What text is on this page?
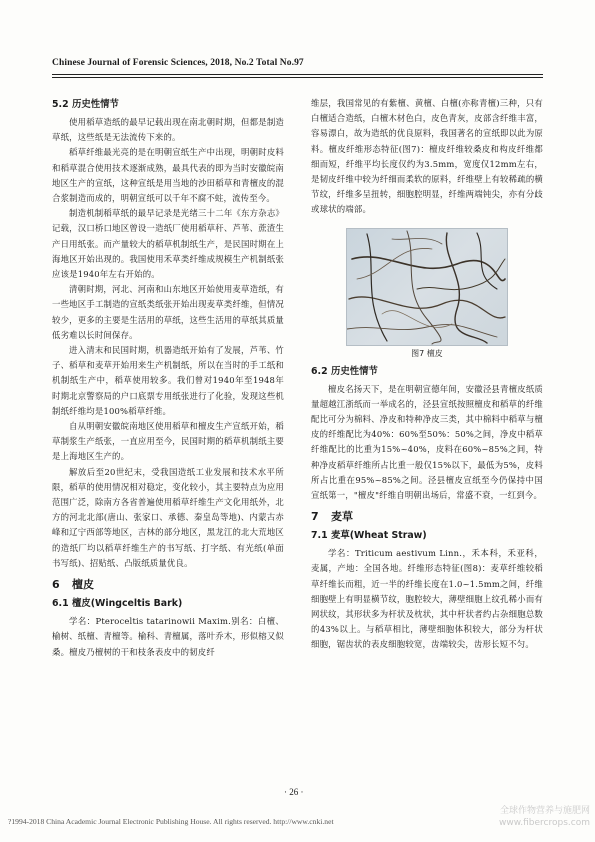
Chinese Journal of Forensic Sciences, 2018, No.2 Total No.97
5.2 历史性情节

使用稻草造纸的最早记载出现在南北朝时期，但都是制造草纸，这些纸是无法流传下来的。

稻草纤维最光亮的是在明朝宣纸生产中出现，明朝时皮料和稻草混合使用技术逐渐成熟，最具代表的即为当时安徽皖南地区生产的宣纸，这种宣纸是用当地的沙田稻草和青檀皮的混合浆制造而成的，明朝宣纸可以千年不腐不蛀，流传至今。

制造机制稻草纸的最早记录是光绪三十二年《东方杂志》记载，汉口桥口地区曾设一造纸厂使用稻草秆、芦苇、蔗渣生产日用纸张。而产量较大的稻草机制纸生产，是民国时期在上海地区开始出现的。我国使用禾草类纤维成规模生产机制纸张应该是1940年左右开始的。

清朝时期，河北、河南和山东地区开始使用麦草造纸，有一些地区手工制造的宣纸类纸张开始出现麦草类纤维，但情况较少，更多的主要是生活用的草纸，这些生活用的草纸其质量低劣难以长时间保存。

进入清末和民国时期，机器造纸开始有了发展，芦苇、竹子、稻草和麦草开始用来生产机制纸，所以在当时的手工纸和机制纸生产中，稻草使用较多。我们曾对1940年至1948年时期北京警察局的户口底票专用纸张进行了化验，发现这些机制纸纤维均是100%稻草纤维。

自从明朝安徽皖南地区使用稻草和檀皮生产宣纸开始，稻草制浆生产纸张，一直应用至今，民国时期的稻草机制纸主要是上海地区生产的。

解放后至20世纪末，受我国造纸工业发展和技术水平所限，稻草的使用情况相对稳定，变化较小，其主要特点为应用范围广泛，除南方各省普遍使用稻草纤维生产文化用纸外，北方的河北北部(唐山、张家口、承德、秦皇岛等地)、内蒙古赤峰和辽宁西部等地区，吉林的部分地区，黑龙江的北大荒地区的造纸厂均以稻草纤维生产的书写纸、打字纸、有光纸(单面书写纸)、招贴纸、凸版纸质量优良。

6 檀皮
6.1 檀皮(Wingceltis Bark)

学名：Pteroceltis tatarinowii Maxim.别名：白檀、榆树、纸檀、青檀等。榆科、青檀属，落叶乔木，形似榕又似桑。檀皮乃檀树的干和枝条表皮中的韧皮纤

维层，我国常见的有紫檀、黄檀、白檀(亦称青檀)三种，只有白檀适合造纸，白檀木材色白，皮色青灰，皮部含纤维丰富，容易漂白，故为造纸的优良原料，我国著名的宣纸即以此为原料。檀皮纤维形态特征(图7)：檀皮纤维较桑皮和构皮纤维都细而短，纤维平均长度仅约为3.5mm，宽度仅12mm左右，是韧皮纤维中较为纤细而柔软的原料，纤维壁上有较稀疏的横节纹，纤维多呈扭转，细胞腔明显，纤维两端钝尖，亦有分歧或球状的端部。

图7 檀皮
6.2 历史性情节

檀皮名扬天下，是在明朝宣德年间，安徽泾县青檀皮纸质量超越江浙纸而一举成名的，泾县宣纸按照檀皮和稻草的纤维配比可分为棉料、净皮和特种净皮三类，其中棉料中稻草与檀皮的纤维配比为40%：60%至50%：50%之间，净皮中稻草纤维配比的比重为15%~40%，皮料在60%~85%之间，特种净皮稻草纤维所占比重一般仅15%以下，最低为5%，皮料所占比重在95%~85%之间。泾县檀皮宣纸至今仍保持中国宣纸第一，"檀皮"纤维自明朝出场后，常盛不衰，一红到今。

7 麦草
7.1 麦草(Wheat Straw)

学名：Triticum aestivum Linn.，禾本科，禾亚科，麦属，产地：全国各地。纤维形态特征(图8)：麦草纤维较稻草纤维长而粗，近一半的纤维长度在1.0~1.5mm之间，纤维细胞壁上有明显横节纹，胞腔较大，薄壁细胞上纹孔稀小而有网状纹，其形状多为杆状及枕状，其中杆状者约占杂细胞总数的43%以上。与稻草相比，薄壁细胞体积较大，部分为杆状细胞，锯齿状的表皮细胞较宽，齿端较尖，齿形长短不匀。

· 26 ·
全球作物营养与施肥网 www.fibercrops.com
?1994-2018 China Academic Journal Electronic Publishing House. All rights reserved. http://www.cnki.net
